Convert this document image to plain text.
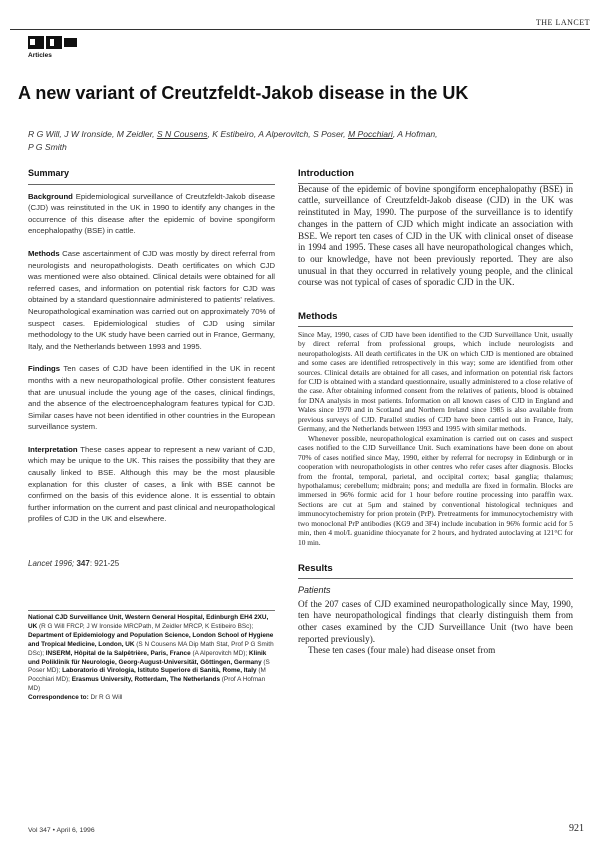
THE LANCET
Articles
A new variant of Creutzfeldt-Jakob disease in the UK
R G Will, J W Ironside, M Zeidler, S N Cousens, K Estibeiro, A Alperovitch, S Poser, M Pocchiari, A Hofman,
P G Smith
Summary

Background Epidemiological surveillance of Creutzfeldt-Jakob disease (CJD) was reinstituted in the UK in 1990 to identify any changes in the occurrence of this disease after the epidemic of bovine spongiform encephalopathy (BSE) in cattle.

Methods Case ascertainment of CJD was mostly by direct referral from neurologists and neuropathologists. Death certificates on which CJD was mentioned were also obtained. Clinical details were obtained for all referred cases, and information on potential risk factors for CJD was obtained by a standard questionnaire administered to patients' relatives. Neuropathological examination was carried out on approximately 70% of suspect cases. Epidemiological studies of CJD using similar methodology to the UK study have been carried out in France, Germany, Italy, and the Netherlands between 1993 and 1995.

Findings Ten cases of CJD have been identified in the UK in recent months with a new neuropathological profile. Other consistent features that are unusual include the young age of the cases, clinical findings, and the absence of the electroencephalogram features typical for CJD. Similar cases have not been identified in other countries in the European surveillance system.

Interpretation These cases appear to represent a new variant of CJD, which may be unique to the UK. This raises the possibility that they are causally linked to BSE. Although this may be the most plausible explanation for this cluster of cases, a link with BSE cannot be confirmed on the basis of this evidence alone. It is essential to obtain further information on the current and past clinical and neuropathological profiles of CJD in the UK and elsewhere.

Lancet 1996; 347: 921-25
National CJD Surveillance Unit, Western General Hospital, Edinburgh EH4 2XU, UK (R G Will FRCP, J W Ironside MRCPath, M Zeidler MRCP, K Estibeiro BSc); Department of Epidemiology and Population Science, London School of Hygiene and Tropical Medicine, London, UK (S N Cousens MA Dip Math Stat, Prof P G Smith DSc); INSERM, Hôpital de la Salpêtrière, Paris, France (A Alperovitch MD); Klinik und Poliklinik für Neurologie, Georg-August-Universität, Göttingen, Germany (S Poser MD); Laboratorio di Virologia, Istituto Superiore di Sanità, Rome, Italy (M Pocchiari MD); Erasmus University, Rotterdam, The Netherlands (Prof A Hofman MD)
Correspondence to: Dr R G Will
Introduction

Because of the epidemic of bovine spongiform encephalopathy (BSE) in cattle, surveillance of Creutzfeldt-Jakob disease (CJD) in the UK was reinstituted in May, 1990. The purpose of the surveillance is to identify changes in the pattern of CJD which might indicate an association with BSE. We report ten cases of CJD in the UK with clinical onset of disease in 1994 and 1995. These cases all have neuropathological changes which, to our knowledge, have not been previously reported. They are also unusual in that they occurred in relatively young people, and the clinical course was not typical of cases of sporadic CJD in the UK.

Methods

Since May, 1990, cases of CJD have been identified to the CJD Surveillance Unit, usually by direct referral from professional groups, which include neurologists and neuropathologists. All death certificates in the UK on which CJD is mentioned are obtained and some cases are identified retrospectively in this way; some are identified from other sources. Clinical details are obtained for all cases, and information on potential risk factors for CJD is obtained with a standard questionnaire, usually administered to a close relative of the case. After obtaining informed consent from the relatives of patients, blood is obtained for DNA analysis in most patients. Information on all known cases of CJD in England and Wales since 1970 and in Scotland and Northern Ireland since 1985 is also available from previous surveys of CJD. Parallel studies of CJD have been carried out in France, Italy, Germany, and the Netherlands between 1993 and 1995 with similar methods.

Whenever possible, neuropathological examination is carried out on cases and suspect cases notified to the CJD Surveillance Unit. Such examinations have been done on about 70% of cases notified since May, 1990, either by referral for necropsy in Edinburgh or in cooperation with neuropathologists in other centres who refer cases after diagnosis. Blocks from the frontal, temporal, parietal, and occipital cortex; basal ganglia; thalamus; hypothalamus; cerebellum; midbrain; pons; and medulla are fixed in formalin. Blocks are immersed in 96% formic acid for 1 hour before routine processing into paraffin wax. Sections are cut at 5μm and stained by conventional histological techniques and immunocytochemistry for prion protein (PrP). Pretreatments for immunocytochemistry with two monoclonal PrP antibodies (KG9 and 3F4) include incubation in 96% formic acid for 5 min, then 4 mol/L guanidine thiocyanate for 2 hours, and hydrated autoclaving at 121°C for 10 min.

Results
Patients

Of the 207 cases of CJD examined neuropathologically since May, 1990, ten have neuropathological findings that clearly distinguish them from other cases examined by the CJD Surveillance Unit (two have been reported previously).

These ten cases (four male) had disease onset from

Vol 347 • April 6, 1996	921
